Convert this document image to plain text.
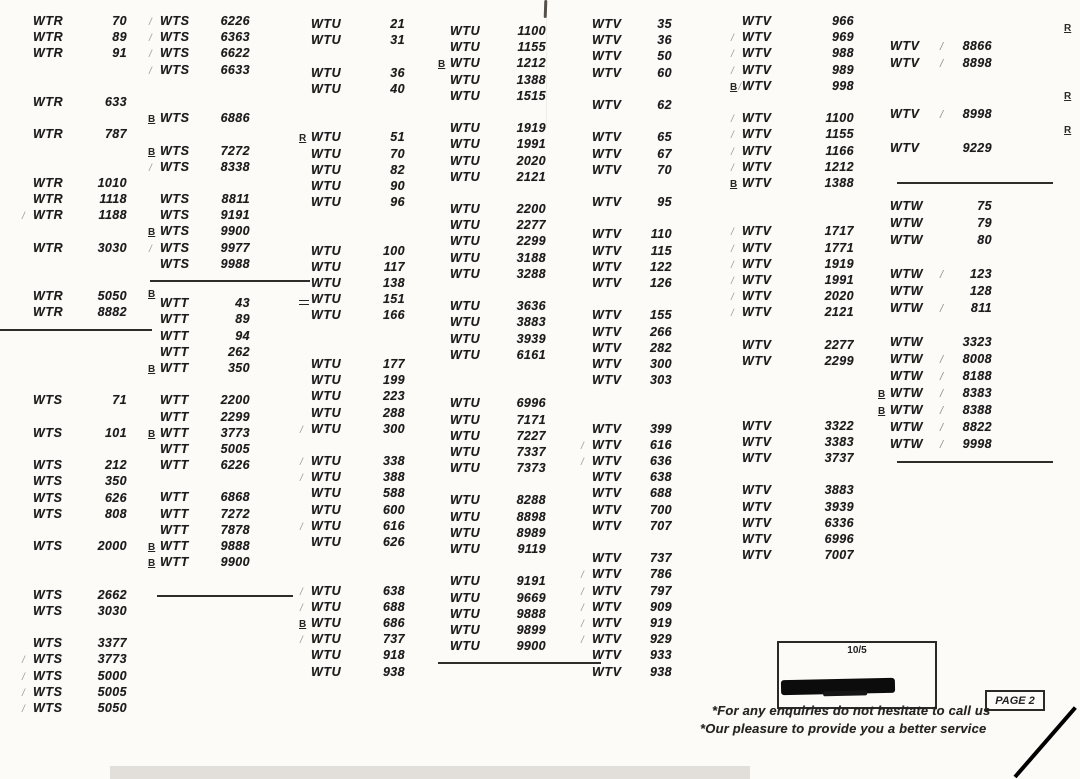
WTR	70
WTR	89
WTR	91
WTR	633
WTR	787
WTR	1010
WTR	1118
/ WTR	1188
WTR	3030
WTR	5050
WTR	8882
WTS	71
WTS	101
WTS	212
WTS	350
WTS	626
WTS	808
WTS	2000
WTS	2662
WTS	3030
WTS	3377
/ WTS	3773
/ WTS	5000
/ WTS	5005
/ WTS	5050
/ WTS	6226
/ WTS	6363
/ WTS	6622
/ WTS	6633
B WTS	6886
B WTS	7272
/ WTS	8338
WTS	8811
WTS	9191
B WTS	9900
/ WTS	9977
WTS	9988
B
WTT	43
WTT	89
WTT	94
WTT	262
B WTT	350
WTT	2200
WTT	2299
B WTT	3773
WTT	5005
WTT	6226
WTT	6868
WTT	7272
WTT	7878
B WTT	9888
B WTT	9900
WTU	21
WTU	31
WTU	36
WTU	40
R WTU	51
WTU	70
WTU	82
WTU	90
WTU	96
WTU	100
WTU	117
WTU	138
— WTU	151
WTU	166
WTU	177
WTU	199
WTU	223
WTU	288
/ WTU	300
/ WTU	338
/ WTU	388
WTU	588
WTU	600
/ WTU	616
WTU	626
/ WTU	638
/ WTU	688
B WTU	686
/ WTU	737
WTU	918
WTU	938
WTU	1100
WTU	1155
B WTU	1212
WTU	1388
WTU	1515
WTU	1919
WTU	1991
WTU	2020
WTU	2121
WTU	2200
WTU	2277
WTU	2299
WTU	3188
WTU	3288
WTU	3636
WTU	3883
WTU	3939
WTU	6161
WTU	6996
WTU	7171
WTU	7227
WTU	7337
WTU	7373
WTU	8288
WTU	8898
WTU	8989
WTU	9119
WTU	9191
WTU	9669
WTU	9888
WTU	9899
WTU	9900
WTV	35
WTV	36
WTV	50
WTV	60
WTV	62
WTV	65
WTV	67
WTV	70
WTV	95
WTV	110
WTV	115
WTV	122
WTV	126
WTV	155
WTV	266
WTV	282
WTV	300
WTV	303
WTV	399
/ WTV	616
/ WTV	636
WTV	638
WTV	688
WTV	700
WTV	707
WTV	737
/ WTV	786
/ WTV	797
/ WTV	909
/ WTV	919
/ WTV	929
WTV	933
WTV	938
WTV	966
/ WTV	969
/ WTV	988
/ WTV	989
B / WTV	998
/ WTV	1100
/ WTV	1155
/ WTV	1166
/ WTV	1212
B WTV	1388
/ WTV	1717
/ WTV	1771
/ WTV	1919
/ WTV	1991
/ WTV	2020
/ WTV	2121
WTV	2277
WTV	2299
WTV	3322
WTV	3383
WTV	3737
WTV	3883
WTV	3939
WTV	6336
WTV	6996
WTV	7007
R
WTV	/	8866
WTV	/	8898
R
WTV	/	8998
R
WTV	9229
WTW	75
WTW	79
WTW	80
WTW	/	123
WTW	128
WTW	/	811
WTW	3323
WTW	/	8008
WTW	/	8188
B WTW	/	8383
B WTW	/	8388
WTW	/	8822
WTW	/	9998
10/5
PAGE 2
*For any enquiries do not hesitate to call us
*Our pleasure to provide you a better service
